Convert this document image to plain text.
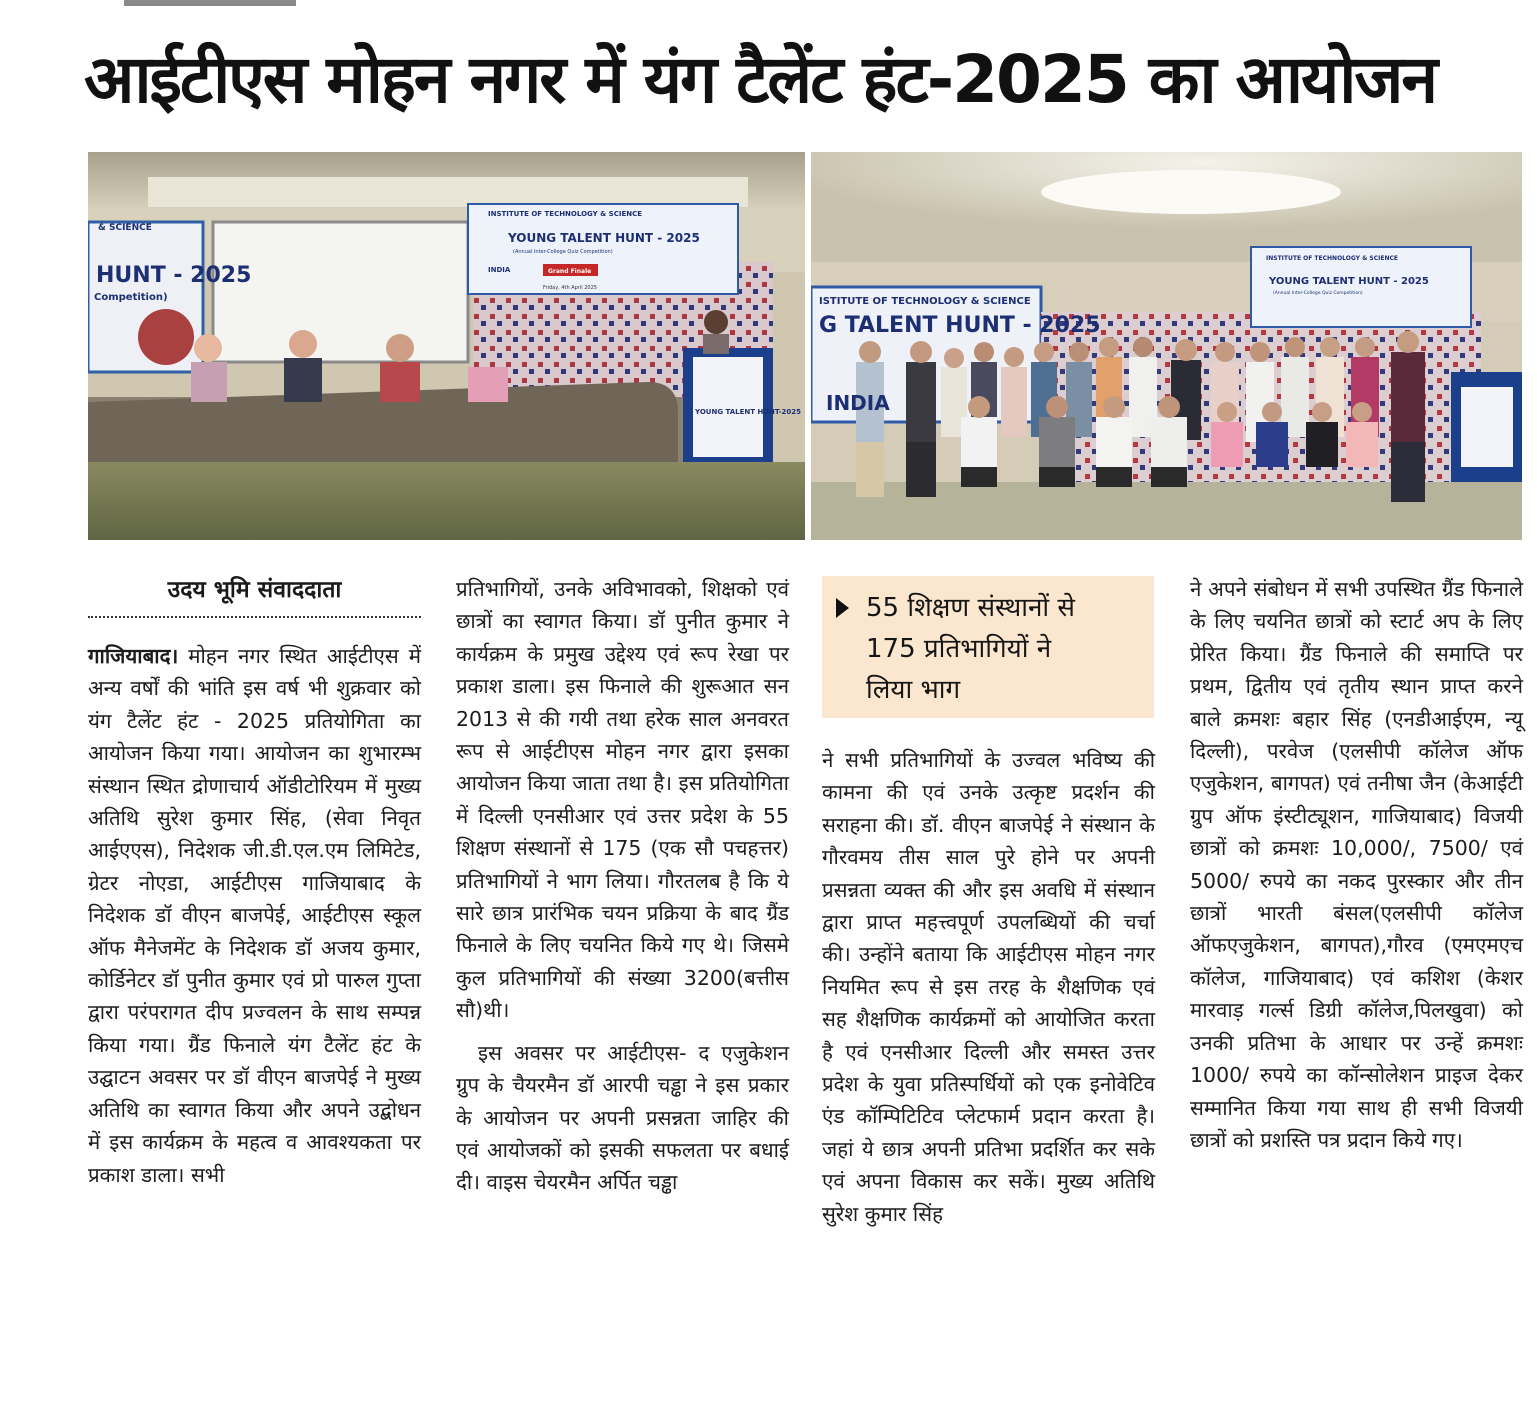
आईटीएस मोहन नगर में यंग टैलेंट हंट-2025 का आयोजन
HUNT - 2025
& SCIENCE
Competition)
INSTITUTE OF TECHNOLOGY & SCIENCE
YOUNG TALENT HUNT - 2025
(Annual Inter-College Quiz Competition)
Grand Finale
INDIA
Friday, 4th April 2025
YOUNG TALENT HUNT-2025
G TALENT HUNT - 2025
ISTITUTE OF TECHNOLOGY & SCIENCE
INDIA
INSTITUTE OF TECHNOLOGY & SCIENCE
YOUNG TALENT HUNT - 2025
(Annual Inter-College Quiz Competition)
उदय भूमि संवाददाता

गाजियाबाद। मोहन नगर स्थित आईटीएस में अन्य वर्षों की भांति इस वर्ष भी शुक्रवार को यंग टैलेंट हंट - 2025 प्रतियोगिता का आयोजन किया गया। आयोजन का शुभारम्भ संस्थान स्थित द्रोणाचार्य ऑडीटोरियम में मुख्य अतिथि सुरेश कुमार सिंह, (सेवा निवृत आईएएस), निदेशक जी.डी.एल.एम लिमिटेड, ग्रेटर नोएडा, आईटीएस गाजियाबाद के निदेशक डॉ वीएन बाजपेई, आईटीएस स्कूल ऑफ मैनेजमेंट के निदेशक डॉ अजय कुमार, कोर्डिनेटर डॉ पुनीत कुमार एवं प्रो पारुल गुप्ता द्वारा परंपरागत दीप प्रज्वलन के साथ सम्पन्न किया गया। ग्रैंड फिनाले यंग टैलेंट हंट के उद्घाटन अवसर पर डॉ वीएन बाजपेई ने मुख्य अतिथि का स्वागत किया और अपने उद्बोधन में इस कार्यक्रम के महत्व व आवश्यकता पर प्रकाश डाला। सभी

प्रतिभागियों, उनके अविभावको, शिक्षको एवं छात्रों का स्वागत किया। डॉ पुनीत कुमार ने कार्यक्रम के प्रमुख उद्देश्य एवं रूप रेखा पर प्रकाश डाला। इस फिनाले की शुरूआत सन 2013 से की गयी तथा हरेक साल अनवरत रूप से आईटीएस मोहन नगर द्वारा इसका आयोजन किया जाता तथा है। इस प्रतियोगिता में दिल्ली एनसीआर एवं उत्तर प्रदेश के 55 शिक्षण संस्थानों से 175 (एक सौ पचहत्तर) प्रतिभागियों ने भाग लिया। गौरतलब है कि ये सारे छात्र प्रारंभिक चयन प्रक्रिया के बाद ग्रैंड फिनाले के लिए चयनित किये गए थे। जिसमे कुल प्रतिभागियों की संख्या 3200(बत्तीस सौ)थी।

इस अवसर पर आईटीएस- द एजुकेशन ग्रुप के चैयरमैन डॉ आरपी चड्ढा ने इस प्रकार के आयोजन पर अपनी प्रसन्नता जाहिर की एवं आयोजकों को इसकी सफलता पर बधाई दी। वाइस चेयरमैन अर्पित चड्ढा

55 शिक्षण संस्थानों से
175 प्रतिभागियों ने
लिया भाग

ने सभी प्रतिभागियों के उज्वल भविष्य की कामना की एवं उनके उत्कृष्ट प्रदर्शन की सराहना की। डॉ. वीएन बाजपेई ने संस्थान के गौरवमय तीस साल पुरे होने पर अपनी प्रसन्नता व्यक्त की और इस अवधि में संस्थान द्वारा प्राप्त महत्त्वपूर्ण उपलब्धियों की चर्चा की। उन्होंने बताया कि आईटीएस मोहन नगर नियमित रूप से इस तरह के शैक्षणिक एवं सह शैक्षणिक कार्यक्रमों को आयोजित करता है एवं एनसीआर दिल्ली और समस्त उत्तर प्रदेश के युवा प्रतिस्पर्धियों को एक इनोवेटिव एंड कॉम्पिटिटिव प्लेटफार्म प्रदान करता है। जहां ये छात्र अपनी प्रतिभा प्रदर्शित कर सके एवं अपना विकास कर सकें। मुख्य अतिथि सुरेश कुमार सिंह

ने अपने संबोधन में सभी उपस्थित ग्रैंड फिनाले के लिए चयनित छात्रों को स्टार्ट अप के लिए प्रेरित किया। ग्रैंड फिनाले की समाप्ति पर प्रथम, द्वितीय एवं तृतीय स्थान प्राप्त करने बाले क्रमशः बहार सिंह (एनडीआईएम, न्यू दिल्ली), परवेज (एलसीपी कॉलेज ऑफ एजुकेशन, बागपत) एवं तनीषा जैन (केआईटी ग्रुप ऑफ इंस्टीट्यूशन, गाजियाबाद) विजयी छात्रों को क्रमशः 10,000/, 7500/ एवं 5000/ रुपये का नकद पुरस्कार और तीन छात्रों भारती बंसल(एलसीपी कॉलेज ऑफएजुकेशन, बागपत),गौरव (एमएमएच कॉलेज, गाजियाबाद) एवं कशिश (केशर मारवाड़ गर्ल्स डिग्री कॉलेज,पिलखुवा) को उनकी प्रतिभा के आधार पर उन्हें क्रमशः 1000/ रुपये का कॉन्सोलेशन प्राइज देकर सम्मानित किया गया साथ ही सभी विजयी छात्रों को प्रशस्ति पत्र प्रदान किये गए।
